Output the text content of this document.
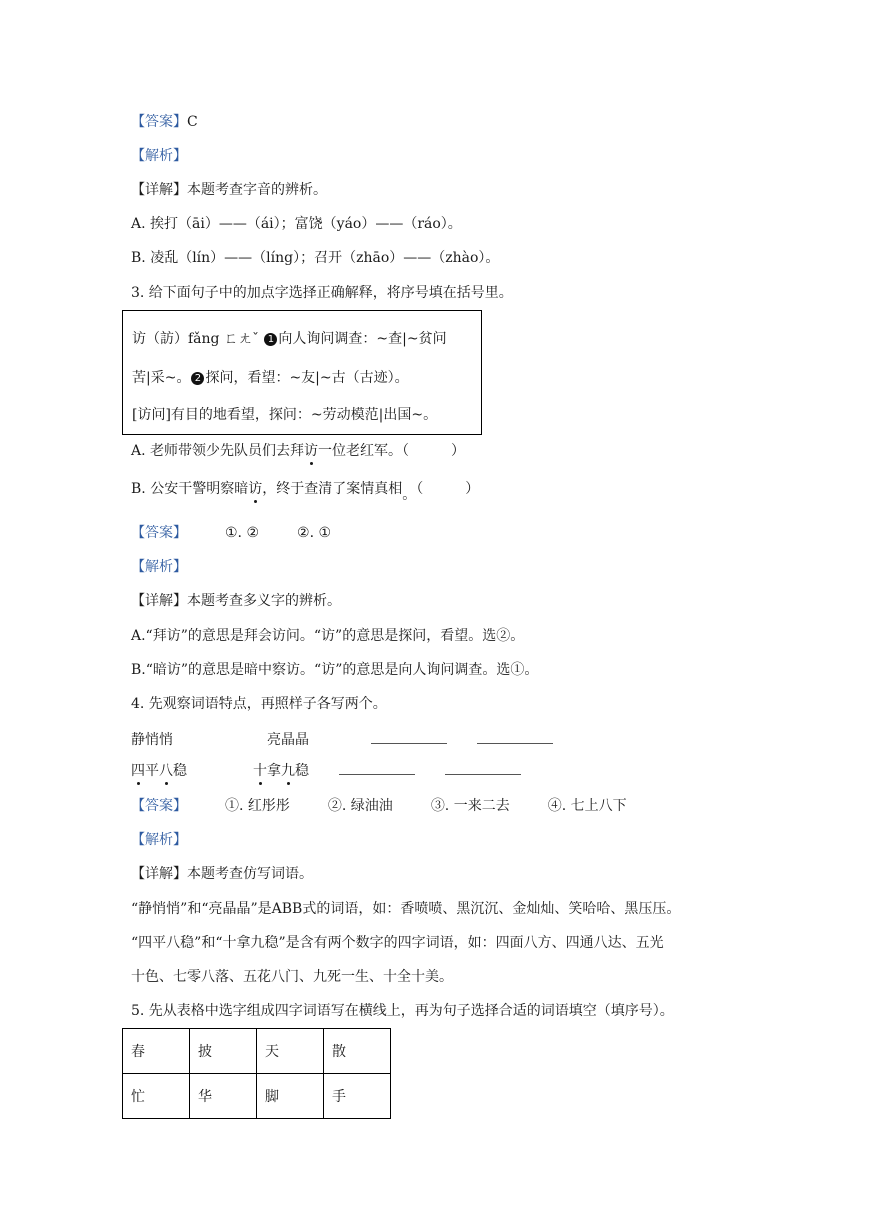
【答案】C
【解析】
【详解】本题考查字音的辨析。
A. 挨打（āi）——（ái）；富饶（yáo）——（ráo）。
B. 凌乱（lín）——（líng）；召开（zhāo）——（zhào）。
3. 给下面句子中的加点字选择正确解释，将序号填在括号里。
访（訪）fǎng ㄈㄤˇ 1 向人询问调查：~查|~贫问
苦|采~。 2 探问，看望：~友|~古（古迹）。
[访问]有目的地看望，探问：~劳动模范|出国~。
A. 老师带领少先队员们去拜访一位老红军。（　　　）
B. 公安干警明察暗访，终于查清了案情真相。（　　　）
【答案】	①. ②	②. ①
【解析】
【详解】本题考查多义字的辨析。
A.“拜访”的意思是拜会访问。“访”的意思是探问，看望。选②。
B.“暗访”的意思是暗中察访。“访”的意思是向人询问调查。选①。
4. 先观察词语特点，再照样子各写两个。
静悄悄	亮晶晶
四平八稳	十拿九稳
【答案】	①. 红彤彤	②. 绿油油	③. 一来二去	④. 七上八下
【解析】
【详解】本题考查仿写词语。
“静悄悄”和“亮晶晶”是ABB式的词语，如：香喷喷、黑沉沉、金灿灿、笑哈哈、黑压压。
“四平八稳”和“十拿九稳”是含有两个数字的四字词语，如：四面八方、四通八达、五光
十色、七零八落、五花八门、九死一生、十全十美。
5. 先从表格中选字组成四字词语写在横线上，再为句子选择合适的词语填空（填序号）。
春	披	天	散
忙	华	脚	手
